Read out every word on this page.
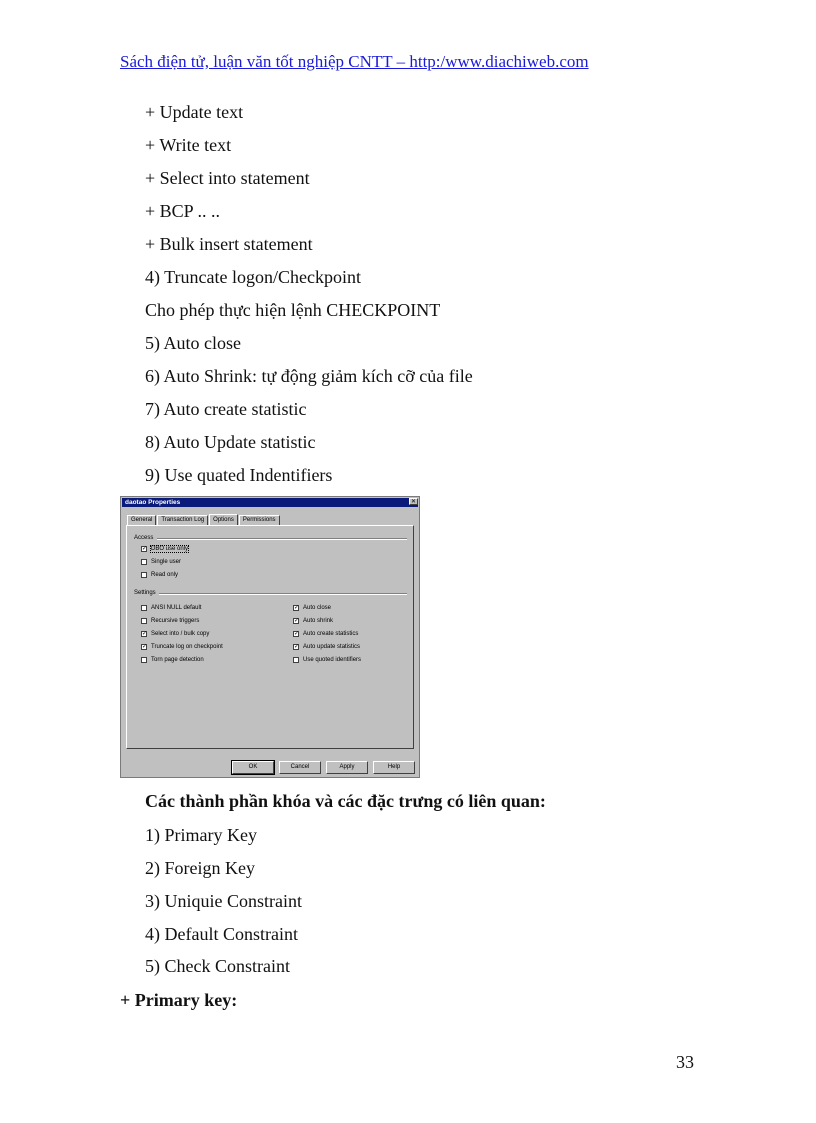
Sách điện tử, luận văn tốt nghiệp CNTT – http:/www.diachiweb.com
+ Update text
+ Write text
+ Select into statement
+ BCP .. ..
+ Bulk insert statement
4) Truncate logon/Checkpoint
Cho phép thực hiện lệnh CHECKPOINT
5) Auto close
6) Auto Shrink: tự động giảm kích cỡ của file
7) Auto create statistic
8) Auto Update statistic
9) Use quated Indentifiers
daotao Properties	✕
General	Transaction Log	Options	Permissions
Access
✓ DBO use only
Single user
Read only
Settings
ANSI NULL default
Recursive triggers
✓ Select into / bulk copy
✓ Truncate log on checkpoint
Torn page detection
✓ Auto close
✓ Auto shrink
✓ Auto create statistics
✓ Auto update statistics
Use quoted identifiers
OK	Cancel	Apply	Help
Các thành phần khóa và các đặc trưng có liên quan:
1) Primary Key
2) Foreign Key
3) Uniquie Constraint
4) Default Constraint
5) Check Constraint
+ Primary key:
33
